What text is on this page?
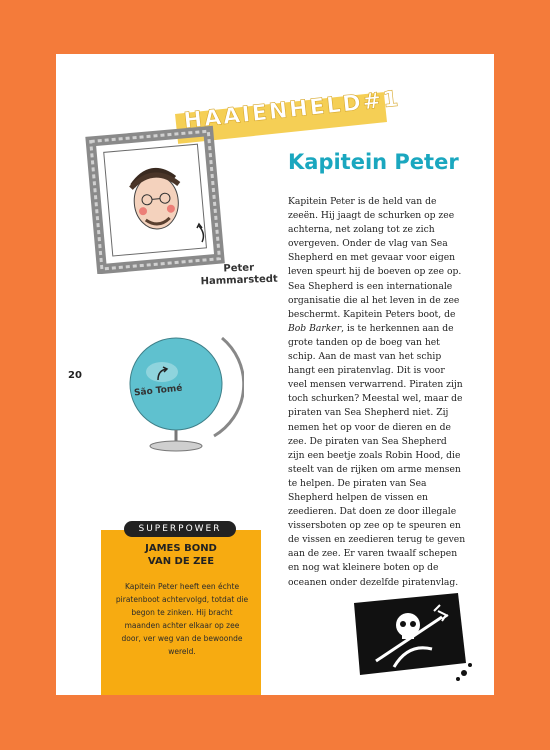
HAAIENHELD#1
Peter
Hammarstedt
20
São Tomé
Kapitein Peter
Kapitein Peter is de held van de zeeën. Hij jaagt de schurken op zee achterna, net zolang tot ze zich overgeven. Onder de vlag van Sea Shepherd en met gevaar voor eigen leven speurt hij de boeven op zee op. Sea Shepherd is een internationale organisatie die al het leven in de zee beschermt. Kapitein Peters boot, de Bob Barker, is te herkennen aan de grote tanden op de boeg van het schip. Aan de mast van het schip hangt een piratenvlag. Dit is voor veel mensen verwarrend. Piraten zijn toch schurken? Meestal wel, maar de piraten van Sea Shepherd niet. Zij nemen het op voor de dieren en de zee. De piraten van Sea Shepherd zijn een beetje zoals Robin Hood, die steelt van de rijken om arme mensen te helpen. De piraten van Sea Shepherd helpen de vissen en zeedieren. Dat doen ze door illegale vissersboten op zee op te speuren en de vissen en zeedieren terug te geven aan de zee. Er varen twaalf schepen en nog wat kleinere boten op de oceanen onder dezelfde piratenvlag.
SUPERPOWER
JAMES BOND
VAN DE ZEE
Kapitein Peter heeft een échte piratenboot achtervolgd, totdat die begon te zinken. Hij bracht maanden achter elkaar op zee door, ver weg van de bewoonde wereld.
